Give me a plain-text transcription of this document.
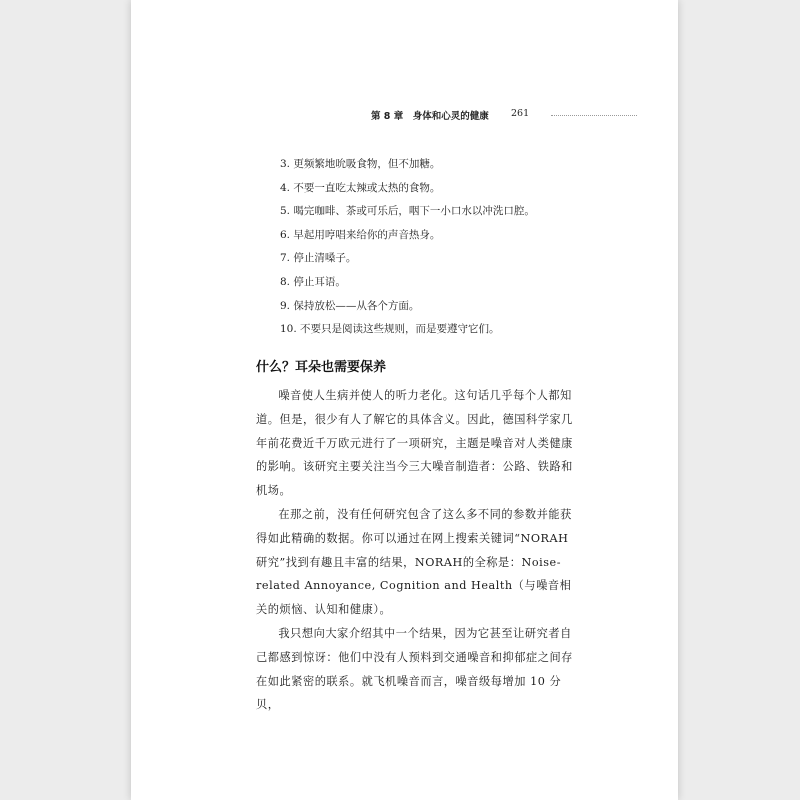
第 8 章　身体和心灵的健康 261
3. 更频繁地吮吸食物，但不加糖。
4. 不要一直吃太辣或太热的食物。
5. 喝完咖啡、茶或可乐后，咽下一小口水以冲洗口腔。
6. 早起用哼唱来给你的声音热身。
7. 停止清嗓子。
8. 停止耳语。
9. 保持放松——从各个方面。
10. 不要只是阅读这些规则，而是要遵守它们。
什么？耳朵也需要保养

噪音使人生病并使人的听力老化。这句话几乎每个人都知道。但是，很少有人了解它的具体含义。因此，德国科学家几年前花费近千万欧元进行了一项研究，主题是噪音对人类健康的影响。该研究主要关注当今三大噪音制造者：公路、铁路和机场。

在那之前，没有任何研究包含了这么多不同的参数并能获得如此精确的数据。你可以通过在网上搜索关键词“NORAH研究”找到有趣且丰富的结果，NORAH的全称是：Noise-related Annoyance, Cognition and Health（与噪音相关的烦恼、认知和健康）。

我只想向大家介绍其中一个结果，因为它甚至让研究者自己都感到惊讶：他们中没有人预料到交通噪音和抑郁症之间存在如此紧密的联系。就飞机噪音而言，噪音级每增加 10 分贝，
